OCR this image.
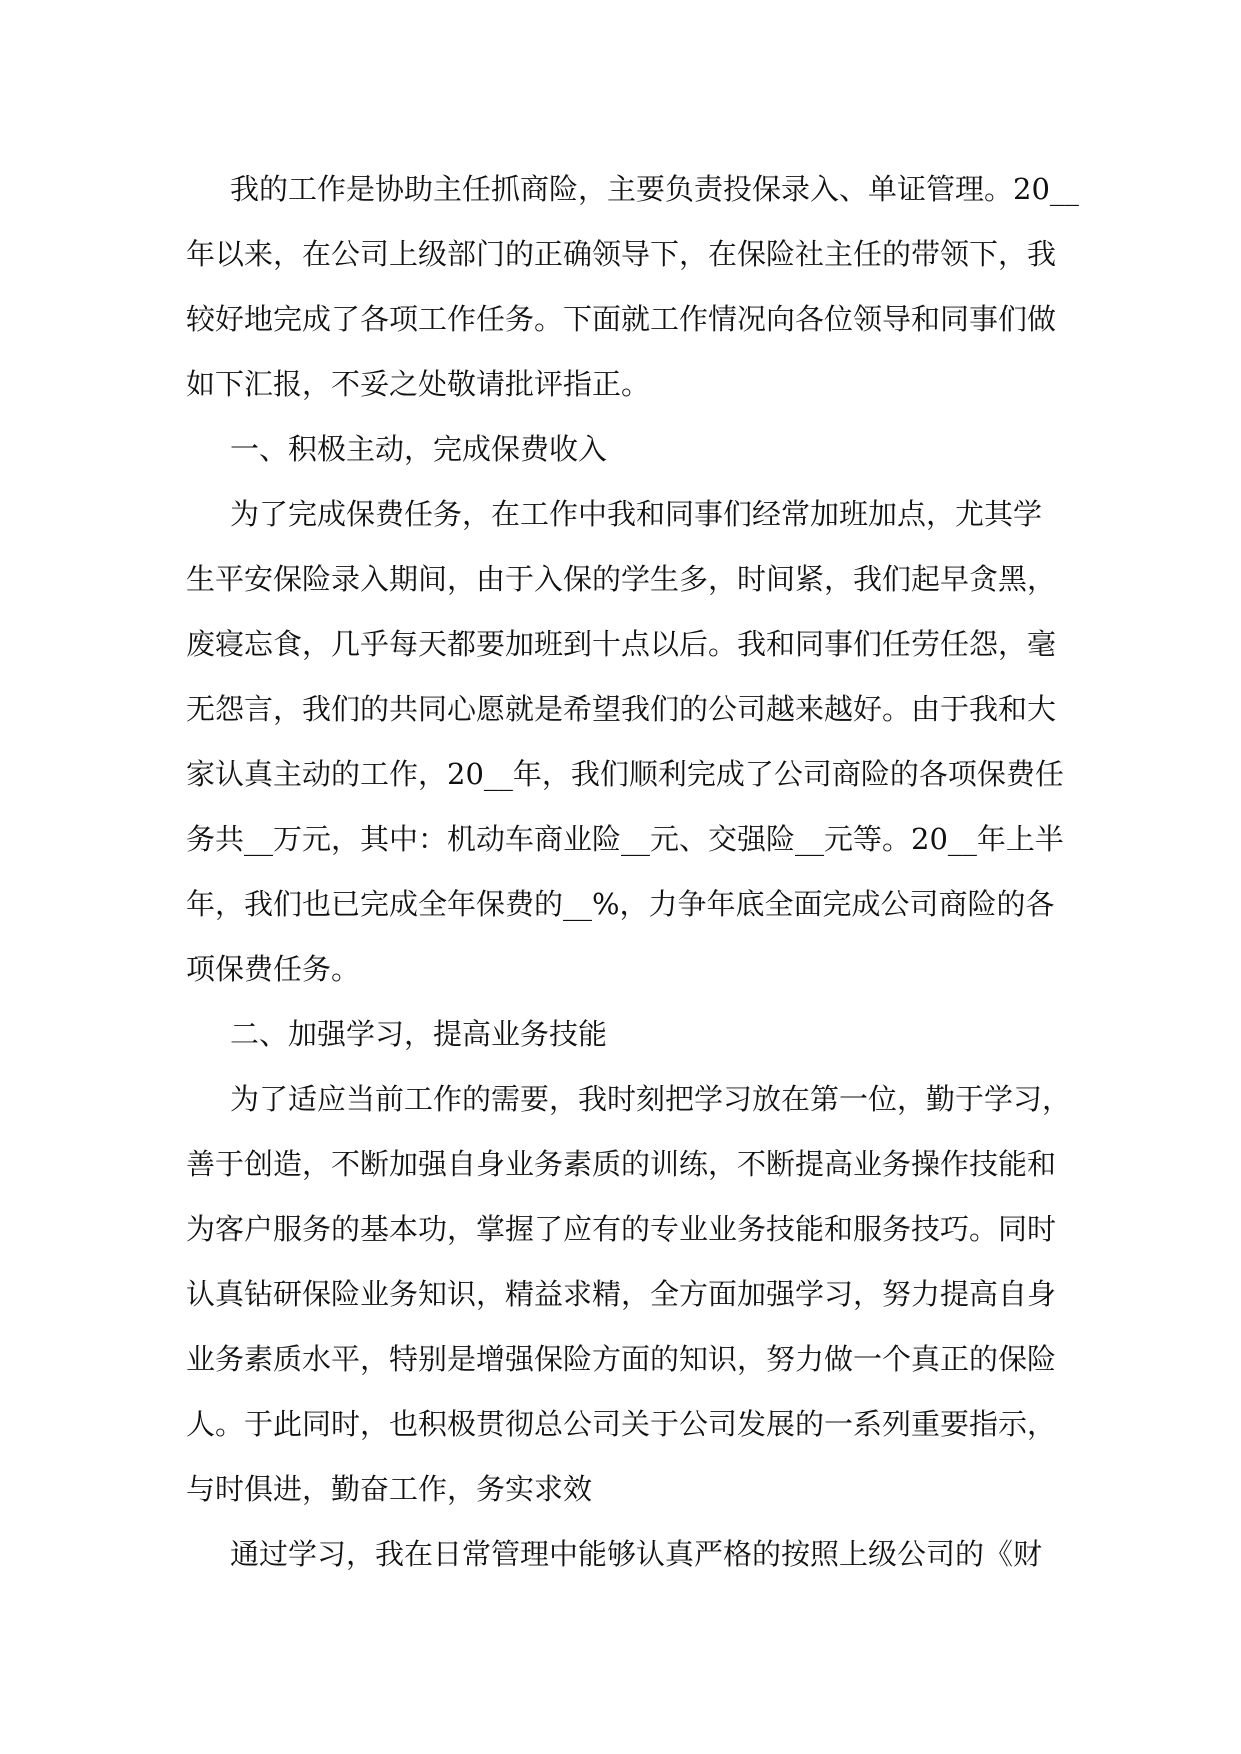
我的工作是协助主任抓商险，主要负责投保录入、单证管理。20__
年以来，在公司上级部门的正确领导下，在保险社主任的带领下，我
较好地完成了各项工作任务。下面就工作情况向各位领导和同事们做
如下汇报，不妥之处敬请批评指正。
一、积极主动，完成保费收入
为了完成保费任务，在工作中我和同事们经常加班加点，尤其学
生平安保险录入期间，由于入保的学生多，时间紧，我们起早贪黑，
废寝忘食，几乎每天都要加班到十点以后。我和同事们任劳任怨，毫
无怨言，我们的共同心愿就是希望我们的公司越来越好。由于我和大
家认真主动的工作，20__年，我们顺利完成了公司商险的各项保费任
务共__万元，其中：机动车商业险__元、交强险__元等。20__年上半
年，我们也已完成全年保费的__%，力争年底全面完成公司商险的各
项保费任务。
二、加强学习，提高业务技能
为了适应当前工作的需要，我时刻把学习放在第一位，勤于学习，
善于创造，不断加强自身业务素质的训练，不断提高业务操作技能和
为客户服务的基本功，掌握了应有的专业业务技能和服务技巧。同时
认真钻研保险业务知识，精益求精，全方面加强学习，努力提高自身
业务素质水平，特别是增强保险方面的知识，努力做一个真正的保险
人。于此同时，也积极贯彻总公司关于公司发展的一系列重要指示，
与时俱进，勤奋工作，务实求效
通过学习，我在日常管理中能够认真严格的按照上级公司的《财
